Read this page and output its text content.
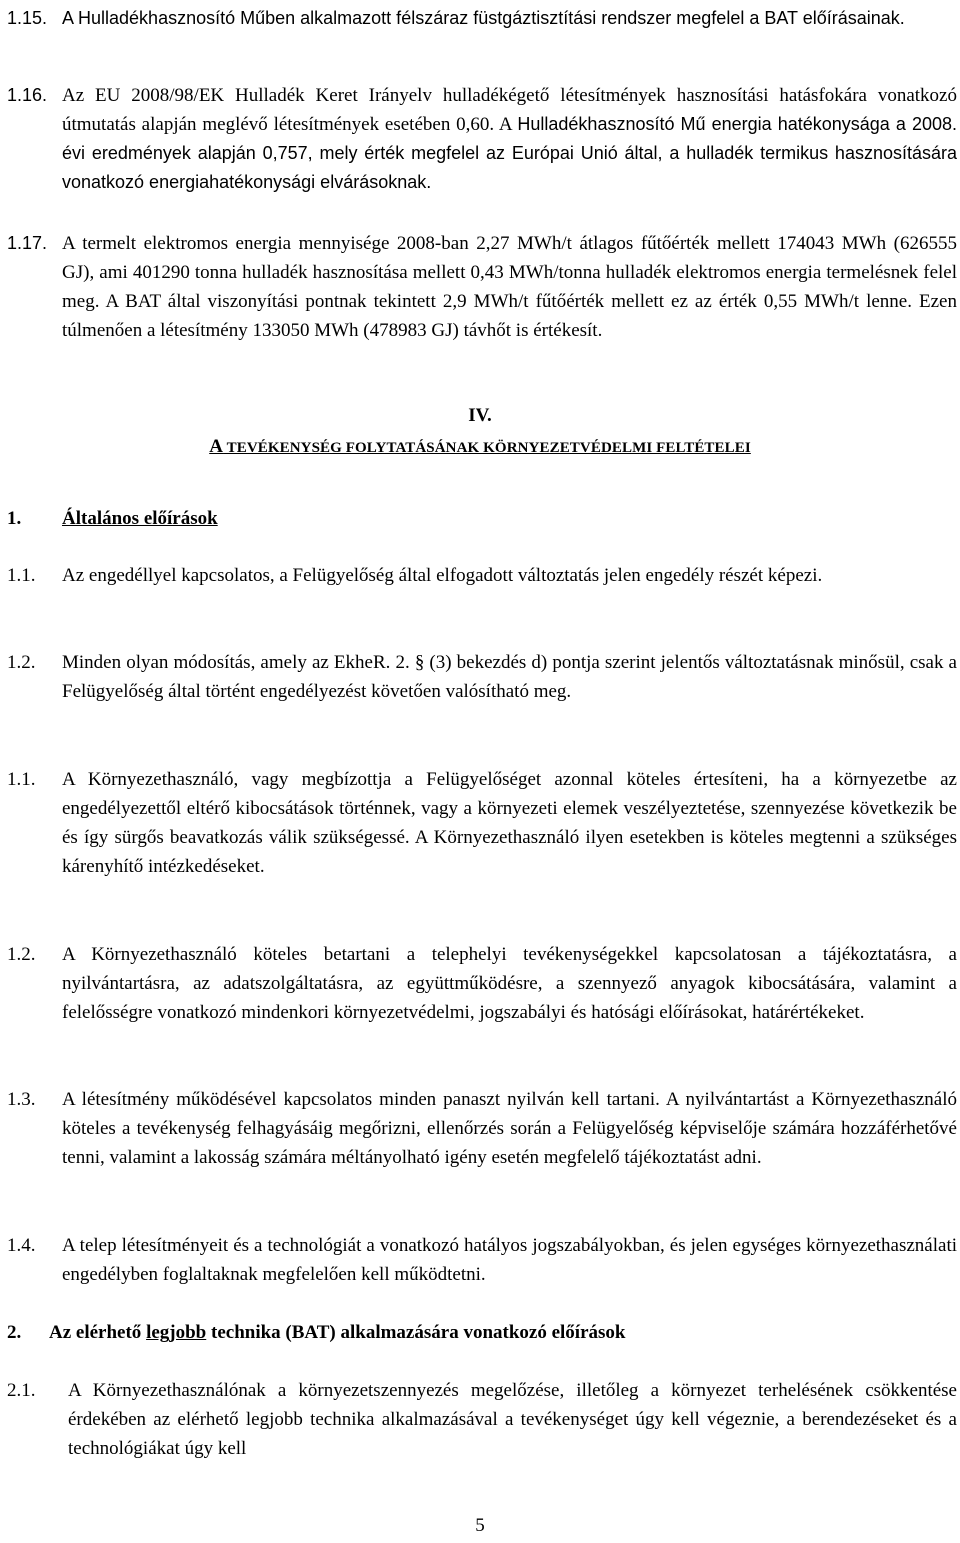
1.15. A Hulladékhasznosító Műben alkalmazott félszáraz füstgáztisztítási rendszer megfelel a BAT előírásainak.

1.16. Az EU 2008/98/EK Hulladék Keret Irányelv hulladékégető létesítmények hasznosítási hatásfokára vonatkozó útmutatás alapján meglévő létesítmények esetében 0,60. A Hulladékhasznosító Mű energia hatékonysága a 2008. évi eredmények alapján 0,757, mely érték megfelel az Európai Unió által, a hulladék termikus hasznosítására vonatkozó energiahatékonysági elvárásoknak.

1.17. A termelt elektromos energia mennyisége 2008-ban 2,27 MWh/t átlagos fűtőérték mellett 174043 MWh (626555 GJ), ami 401290 tonna hulladék hasznosítása mellett 0,43 MWh/tonna hulladék elektromos energia termelésnek felel meg. A BAT által viszonyítási pontnak tekintett 2,9 MWh/t fűtőérték mellett ez az érték 0,55 MWh/t lenne. Ezen túlmenően a létesítmény 133050 MWh (478983 GJ) távhőt is értékesít.

IV.
A TEVÉKENYSÉG FOLYTATÁSÁNAK KÖRNYEZETVÉDELMI FELTÉTELEI
1. Általános előírások

1.1.	Az engedéllyel kapcsolatos, a Felügyelőség által elfogadott változtatás jelen engedély részét képezi.

1.2.	Minden olyan módosítás, amely az EkheR. 2. § (3) bekezdés d) pontja szerint jelentős változtatásnak minősül, csak a Felügyelőség által történt engedélyezést követően valósítható meg.

1.1.	A Környezethasználó, vagy megbízottja a Felügyelőséget azonnal köteles értesíteni, ha a környezetbe az engedélyezettől eltérő kibocsátások történnek, vagy a környezeti elemek veszélyeztetése, szennyezése következik be és így sürgős beavatkozás válik szükségessé. A Környezethasználó ilyen esetekben is köteles megtenni a szükséges kárenyhítő intézkedéseket.

1.2.	A Környezethasználó köteles betartani a telephelyi tevékenységekkel kapcsolatosan a tájékoztatásra, a nyilvántartásra, az adatszolgáltatásra, az együttműködésre, a szennyező anyagok kibocsátására, valamint a felelősségre vonatkozó mindenkori környezetvédelmi, jogszabályi és hatósági előírásokat, határértékeket.

1.3.	A létesítmény működésével kapcsolatos minden panaszt nyilván kell tartani. A nyilvántartást a Környezethasználó köteles a tevékenység felhagyásáig megőrizni, ellenőrzés során a Felügyelőség képviselője számára hozzáférhetővé tenni, valamint a lakosság számára méltányolható igény esetén megfelelő tájékoztatást adni.

1.4.	A telep létesítményeit és a technológiát a vonatkozó hatályos jogszabályokban, és jelen egységes környezethasználati engedélyben foglaltaknak megfelelően kell működtetni.

2. Az elérhető legjobb technika (BAT) alkalmazására vonatkozó előírások

2.1.	A Környezethasználónak a környezetszennyezés megelőzése, illetőleg a környezet terhelésének csökkentése érdekében az elérhető legjobb technika alkalmazásával a tevékenységet úgy kell végeznie, a berendezéseket és a technológiákat úgy kell

5
